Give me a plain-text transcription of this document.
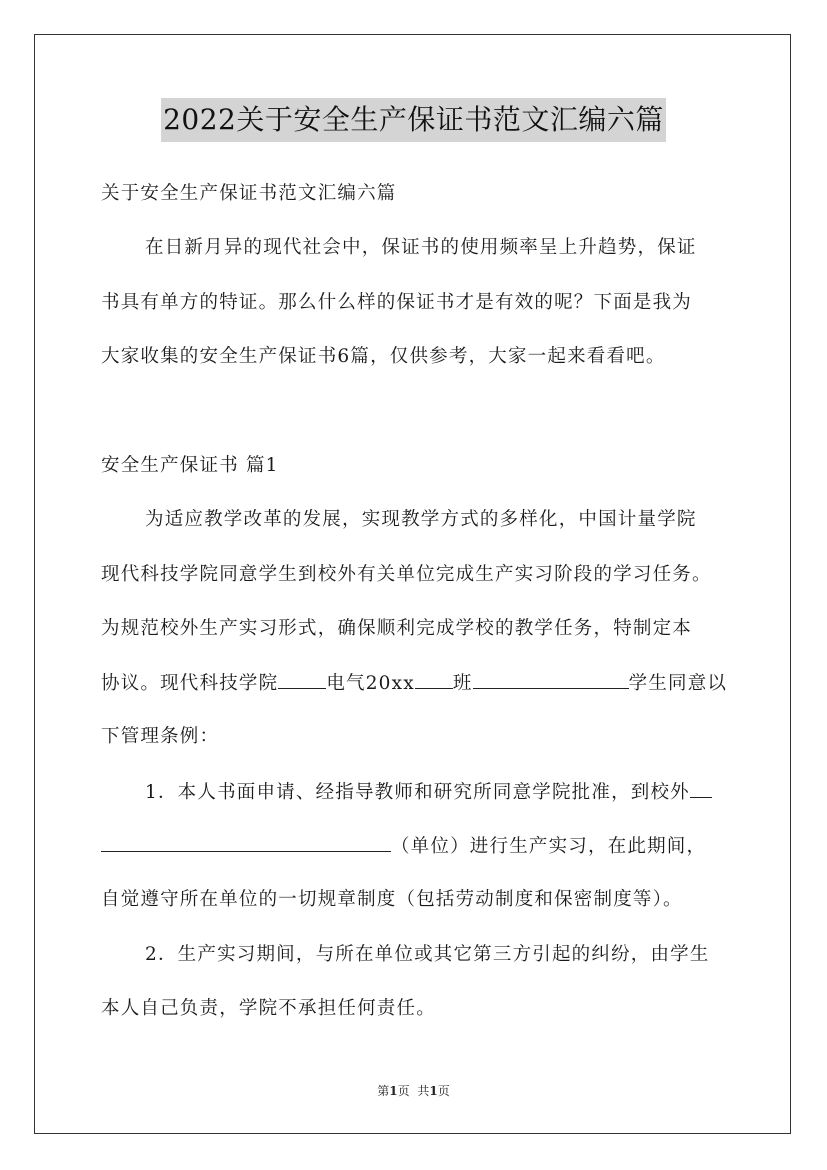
2022关于安全生产保证书范文汇编六篇
关于安全生产保证书范文汇编六篇
在日新月异的现代社会中，保证书的使用频率呈上升趋势，保证
书具有单方的特证。那么什么样的保证书才是有效的呢？下面是我为
大家收集的安全生产保证书6篇，仅供参考，大家一起来看看吧。
安全生产保证书 篇1
为适应教学改革的发展，实现教学方式的多样化，中国计量学院
现代科技学院同意学生到校外有关单位完成生产实习阶段的学习任务。
为规范校外生产实习形式，确保顺利完成学校的教学任务，特制定本
协议。现代科技学院	电气20xx 班	学生同意以
下管理条例：
1．本人书面申请、经指导教师和研究所同意学院批准，到校外
（单位）进行生产实习，在此期间，
自觉遵守所在单位的一切规章制度（包括劳动制度和保密制度等）。
2．生产实习期间，与所在单位或其它第三方引起的纠纷，由学生
本人自己负责，学院不承担任何责任。
第1页 共1页
